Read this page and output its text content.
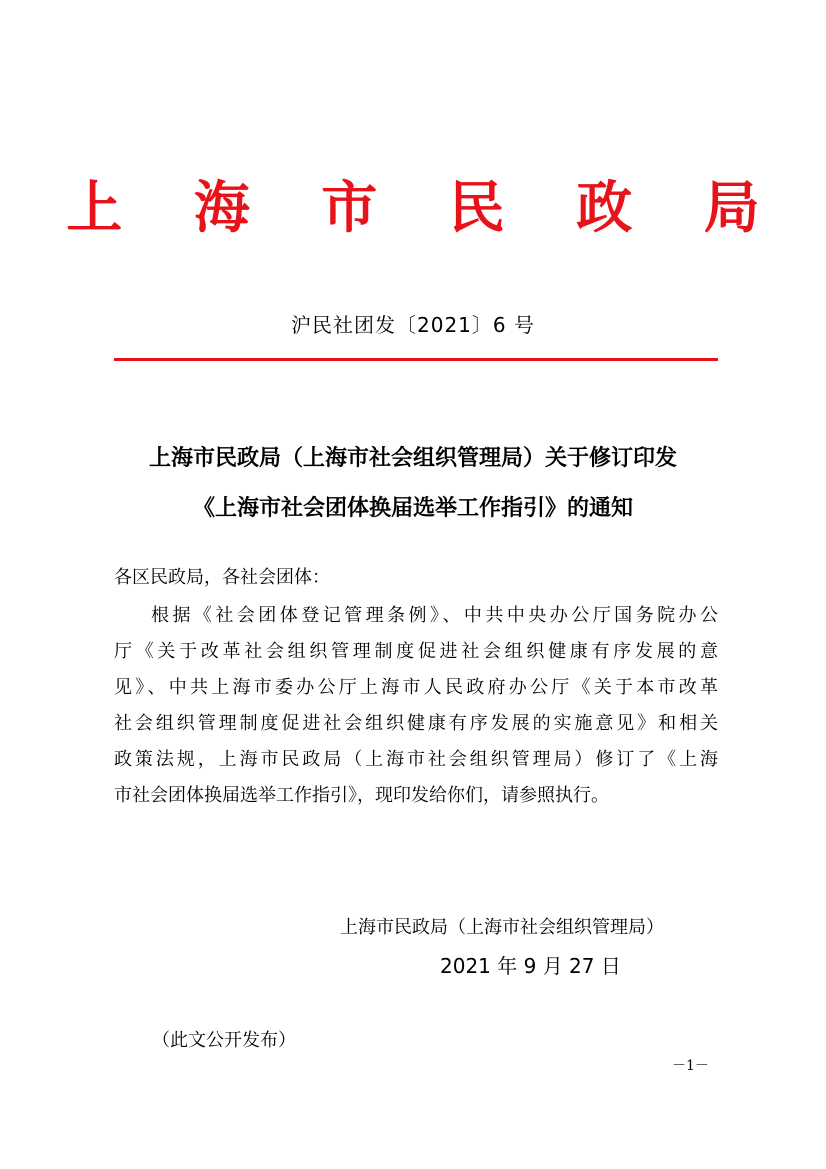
上 海 市 民 政 局
沪民社团发〔2021〕6 号
上海市民政局（上海市社会组织管理局）关于修订印发
《上海市社会团体换届选举工作指引》的通知
各区民政局，各社会团体：
根据《社会团体登记管理条例》、中共中央办公厅国务院办公
厅《关于改革社会组织管理制度促进社会组织健康有序发展的意
见》、中共上海市委办公厅上海市人民政府办公厅《关于本市改革
社会组织管理制度促进社会组织健康有序发展的实施意见》和相关
政策法规，上海市民政局（上海市社会组织管理局）修订了《上海
市社会团体换届选举工作指引》，现印发给你们，请参照执行。
上海市民政局（上海市社会组织管理局）
2021 年 9 月 27 日
（此文公开发布）
－1－
